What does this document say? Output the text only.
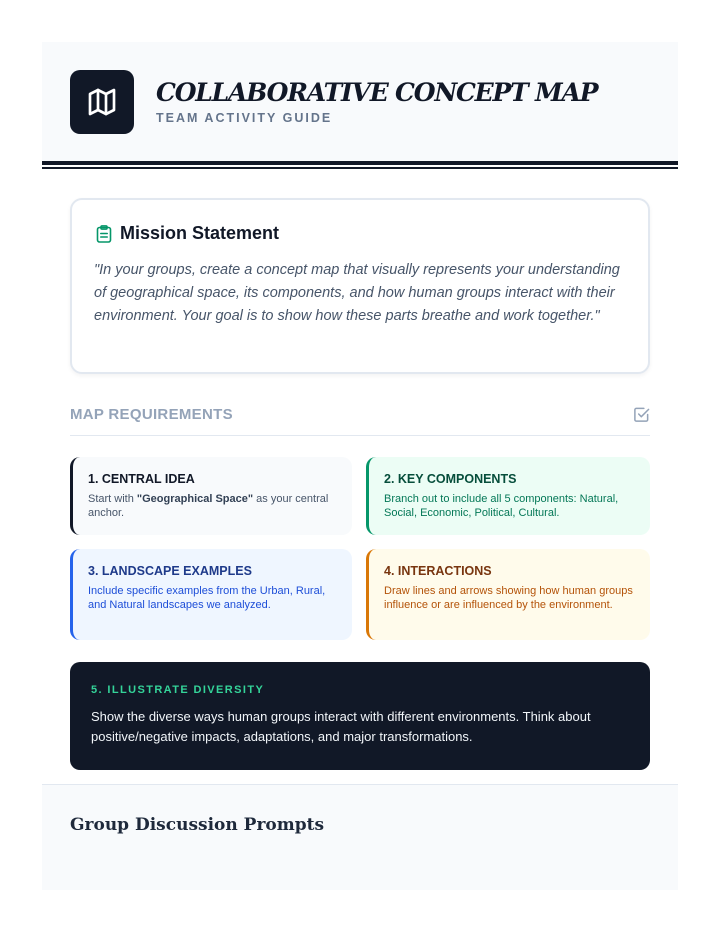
COLLABORATIVE CONCEPT MAP
TEAM ACTIVITY GUIDE
Mission Statement
"In your groups, create a concept map that visually represents your understanding of geographical space, its components, and how human groups interact with their environment. Your goal is to show how these parts breathe and work together."
MAP REQUIREMENTS
1. CENTRAL IDEA
Start with "Geographical Space" as your central anchor.
2. KEY COMPONENTS
Branch out to include all 5 components: Natural, Social, Economic, Political, Cultural.
3. LANDSCAPE EXAMPLES
Include specific examples from the Urban, Rural, and Natural landscapes we analyzed.
4. INTERACTIONS
Draw lines and arrows showing how human groups influence or are influenced by the environment.
5. ILLUSTRATE DIVERSITY
Show the diverse ways human groups interact with different environments. Think about positive/negative impacts, adaptations, and major transformations.
Group Discussion Prompts
